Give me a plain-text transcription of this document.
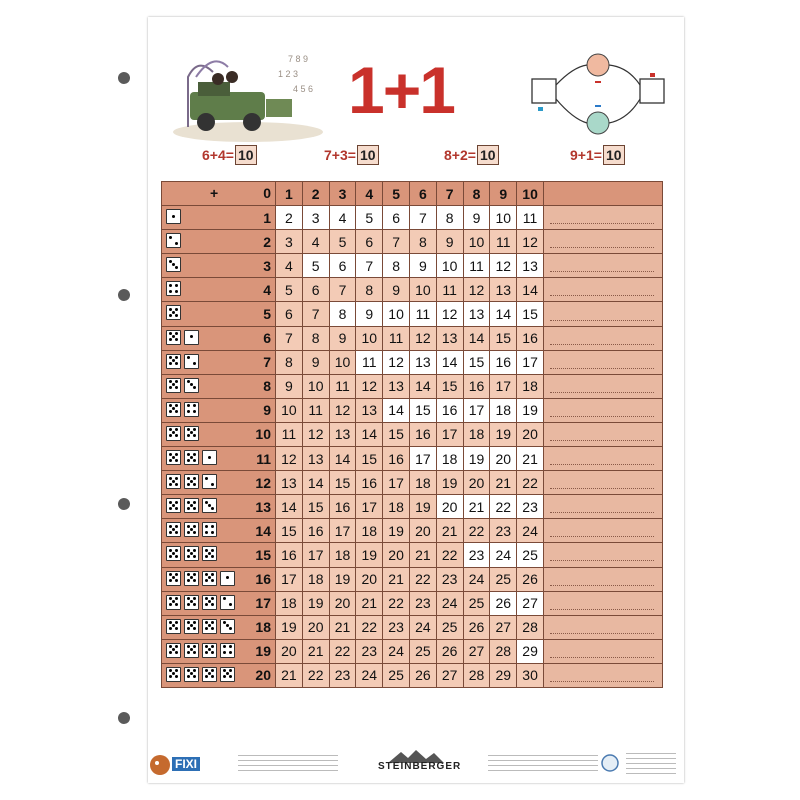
1 2 3
4 5 6
7 8 9 1+1
6+4= 10	7+3= 10	8+2= 10	9+1= 10
+ 0	1	2	3	4	5	6	7	8	9	10	

1	2	3	4	5	6	7	8	9	10	11	

2	3	4	5	6	7	8	9	10	11	12	

3	4	5	6	7	8	9	10	11	12	13	

4	5	6	7	8	9	10	11	12	13	14	

5	6	7	8	9	10	11	12	13	14	15	

6	7	8	9	10	11	12	13	14	15	16	

7	8	9	10	11	12	13	14	15	16	17	

8	9	10	11	12	13	14	15	16	17	18	

9	10	11	12	13	14	15	16	17	18	19	

10	11	12	13	14	15	16	17	18	19	20	

11	12	13	14	15	16	17	18	19	20	21	

12	13	14	15	16	17	18	19	20	21	22	

13	14	15	16	17	18	19	20	21	22	23	

14	15	16	17	18	19	20	21	22	23	24	

15	16	17	18	19	20	21	22	23	24	25	

16	17	18	19	20	21	22	23	24	25	26	

17	18	19	20	21	22	23	24	25	26	27	

18	19	20	21	22	23	24	25	26	27	28	

19	20	21	22	23	24	25	26	27	28	29	

20	21	22	23	24	25	26	27	28	29	30	
FIXI	STEINBERGER
